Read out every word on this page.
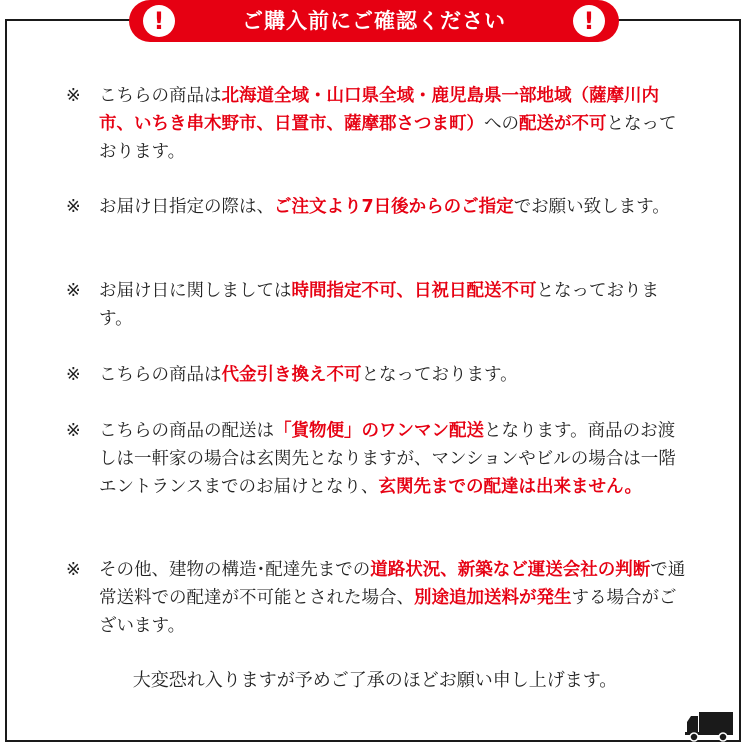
!	ご購入前にご確認ください	!
※ こちらの商品は北海道全域・山口県全域・鹿児島県一部地域（薩摩川内市、いちき串木野市、日置市、薩摩郡さつま町）への配送が不可となっております。
※ お届け日指定の際は、ご注文より7日後からのご指定でお願い致します。
※ お届け日に関しましては時間指定不可、日祝日配送不可となっております。
※ こちらの商品は代金引き換え不可となっております。
※ こちらの商品の配送は「貨物便」のワンマン配送となります。商品のお渡しは一軒家の場合は玄関先となりますが、マンションやビルの場合は一階エントランスまでのお届けとなり、玄関先までの配達は出来ません。
※ その他、建物の構造･配達先までの道路状況、新築など運送会社の判断で通常送料での配達が不可能とされた場合、別途追加送料が発生する場合がございます。
大変恐れ入りますが予めご了承のほどお願い申し上げます。
